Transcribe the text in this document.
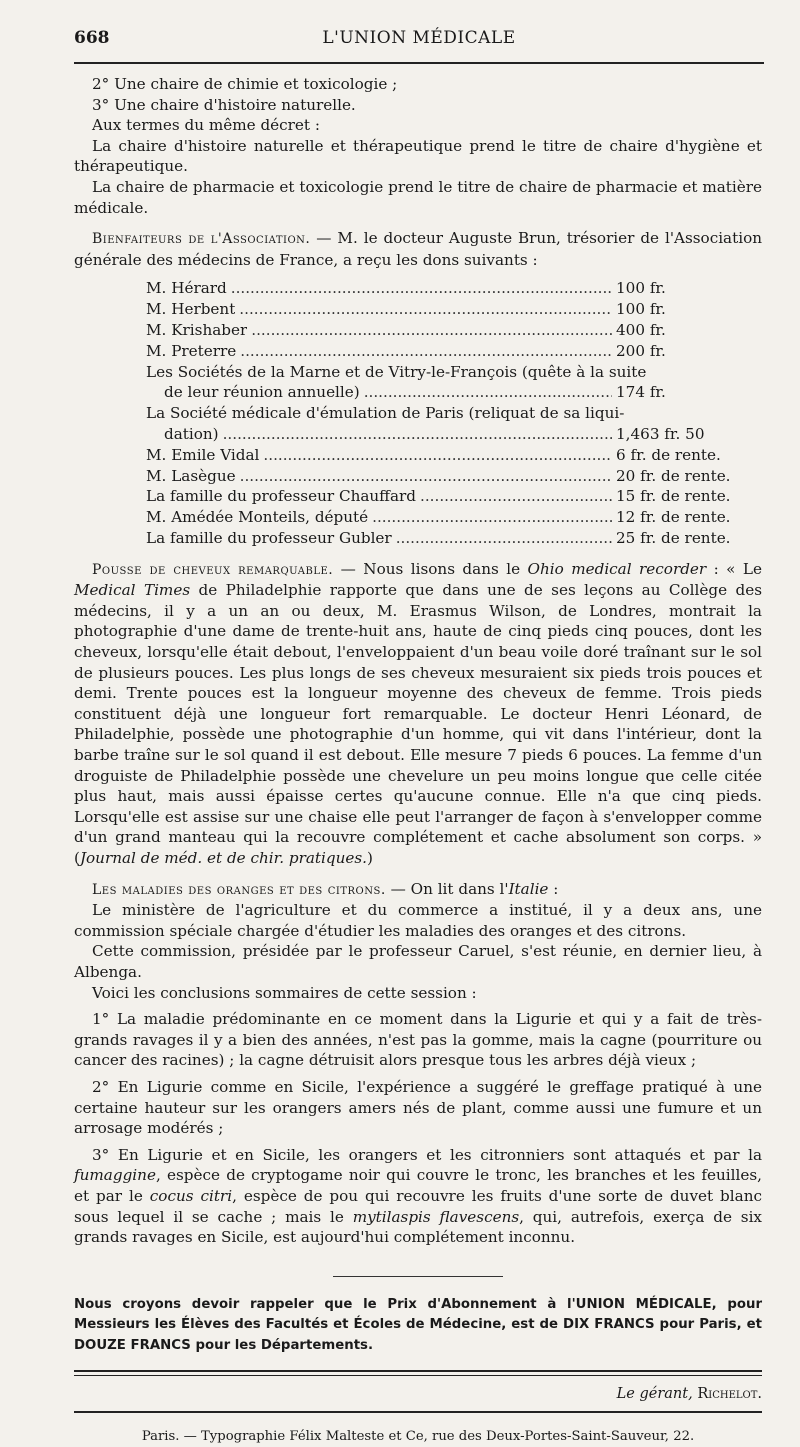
668	L'UNION MÉDICALE

2° Une chaire de chimie et toxicologie ;

3° Une chaire d'histoire naturelle.

Aux termes du même décret :

La chaire d'histoire naturelle et thérapeutique prend le titre de chaire d'hygiène et thérapeutique.

La chaire de pharmacie et toxicologie prend le titre de chaire de pharmacie et matière médicale.

Bienfaiteurs de l'Association. — M. le docteur Auguste Brun, trésorier de l'Association générale des médecins de France, a reçu les dons suivants :

M. Hérard .....	100 fr.
M. Herbent .....	100 fr.
M. Krishaber .....	400 fr.
M. Preterre .....	200 fr.
Les Sociétés de la Marne et de Vitry-le-François (quête à la suite
de leur réunion annuelle) .....	174 fr.
La Société médicale d'émulation de Paris (reliquat de sa liqui-
dation) .....	1,463 fr. 50
M. Emile Vidal .....	6 fr. de rente.
M. Lasègue .....	20 fr. de rente.
La famille du professeur Chauffard .....	15 fr. de rente.
M. Amédée Monteils, député .....	12 fr. de rente.
La famille du professeur Gubler .....	25 fr. de rente.

Pousse de cheveux remarquable. — Nous lisons dans le Ohio medical recorder : « Le Medical Times de Philadelphie rapporte que dans une de ses leçons au Collège des médecins, il y a un an ou deux, M. Erasmus Wilson, de Londres, montrait la photographie d'une dame de trente-huit ans, haute de cinq pieds cinq pouces, dont les cheveux, lorsqu'elle était debout, l'enveloppaient d'un beau voile doré traînant sur le sol de plusieurs pouces. Les plus longs de ses cheveux mesuraient six pieds trois pouces et demi. Trente pouces est la longueur moyenne des cheveux de femme. Trois pieds constituent déjà une longueur fort remarquable. Le docteur Henri Léonard, de Philadelphie, possède une photographie d'un homme, qui vit dans l'intérieur, dont la barbe traîne sur le sol quand il est debout. Elle mesure 7 pieds 6 pouces. La femme d'un droguiste de Philadelphie possède une chevelure un peu moins longue que celle citée plus haut, mais aussi épaisse certes qu'aucune connue. Elle n'a que cinq pieds. Lorsqu'elle est assise sur une chaise elle peut l'arranger de façon à s'envelopper comme d'un grand manteau qui la recouvre complétement et cache absolument son corps. » (Journal de méd. et de chir. pratiques.)

Les maladies des oranges et des citrons. — On lit dans l'Italie :

Le ministère de l'agriculture et du commerce a institué, il y a deux ans, une commission spéciale chargée d'étudier les maladies des oranges et des citrons.

Cette commission, présidée par le professeur Caruel, s'est réunie, en dernier lieu, à Albenga.

Voici les conclusions sommaires de cette session :

1° La maladie prédominante en ce moment dans la Ligurie et qui y a fait de très-grands ravages il y a bien des années, n'est pas la gomme, mais la cagne (pourriture ou cancer des racines) ; la cagne détruisit alors presque tous les arbres déjà vieux ;

2° En Ligurie comme en Sicile, l'expérience a suggéré le greffage pratiqué à une certaine hauteur sur les orangers amers nés de plant, comme aussi une fumure et un arrosage modérés ;

3° En Ligurie et en Sicile, les orangers et les citronniers sont attaqués et par la fumaggine, espèce de cryptogame noir qui couvre le tronc, les branches et les feuilles, et par le cocus citri, espèce de pou qui recouvre les fruits d'une sorte de duvet blanc sous lequel il se cache ; mais le mytilaspis flavescens, qui, autrefois, exerça de six grands ravages en Sicile, est aujourd'hui complétement inconnu.

Nous croyons devoir rappeler que le Prix d'Abonnement à l'UNION MÉDICALE, pour Messieurs les Élèves des Facultés et Écoles de Médecine, est de DIX FRANCS pour Paris, et DOUZE FRANCS pour les Départements.

Le gérant, Richelot.
Paris. — Typographie Félix Malteste et Ce, rue des Deux-Portes-Saint-Sauveur, 22.
